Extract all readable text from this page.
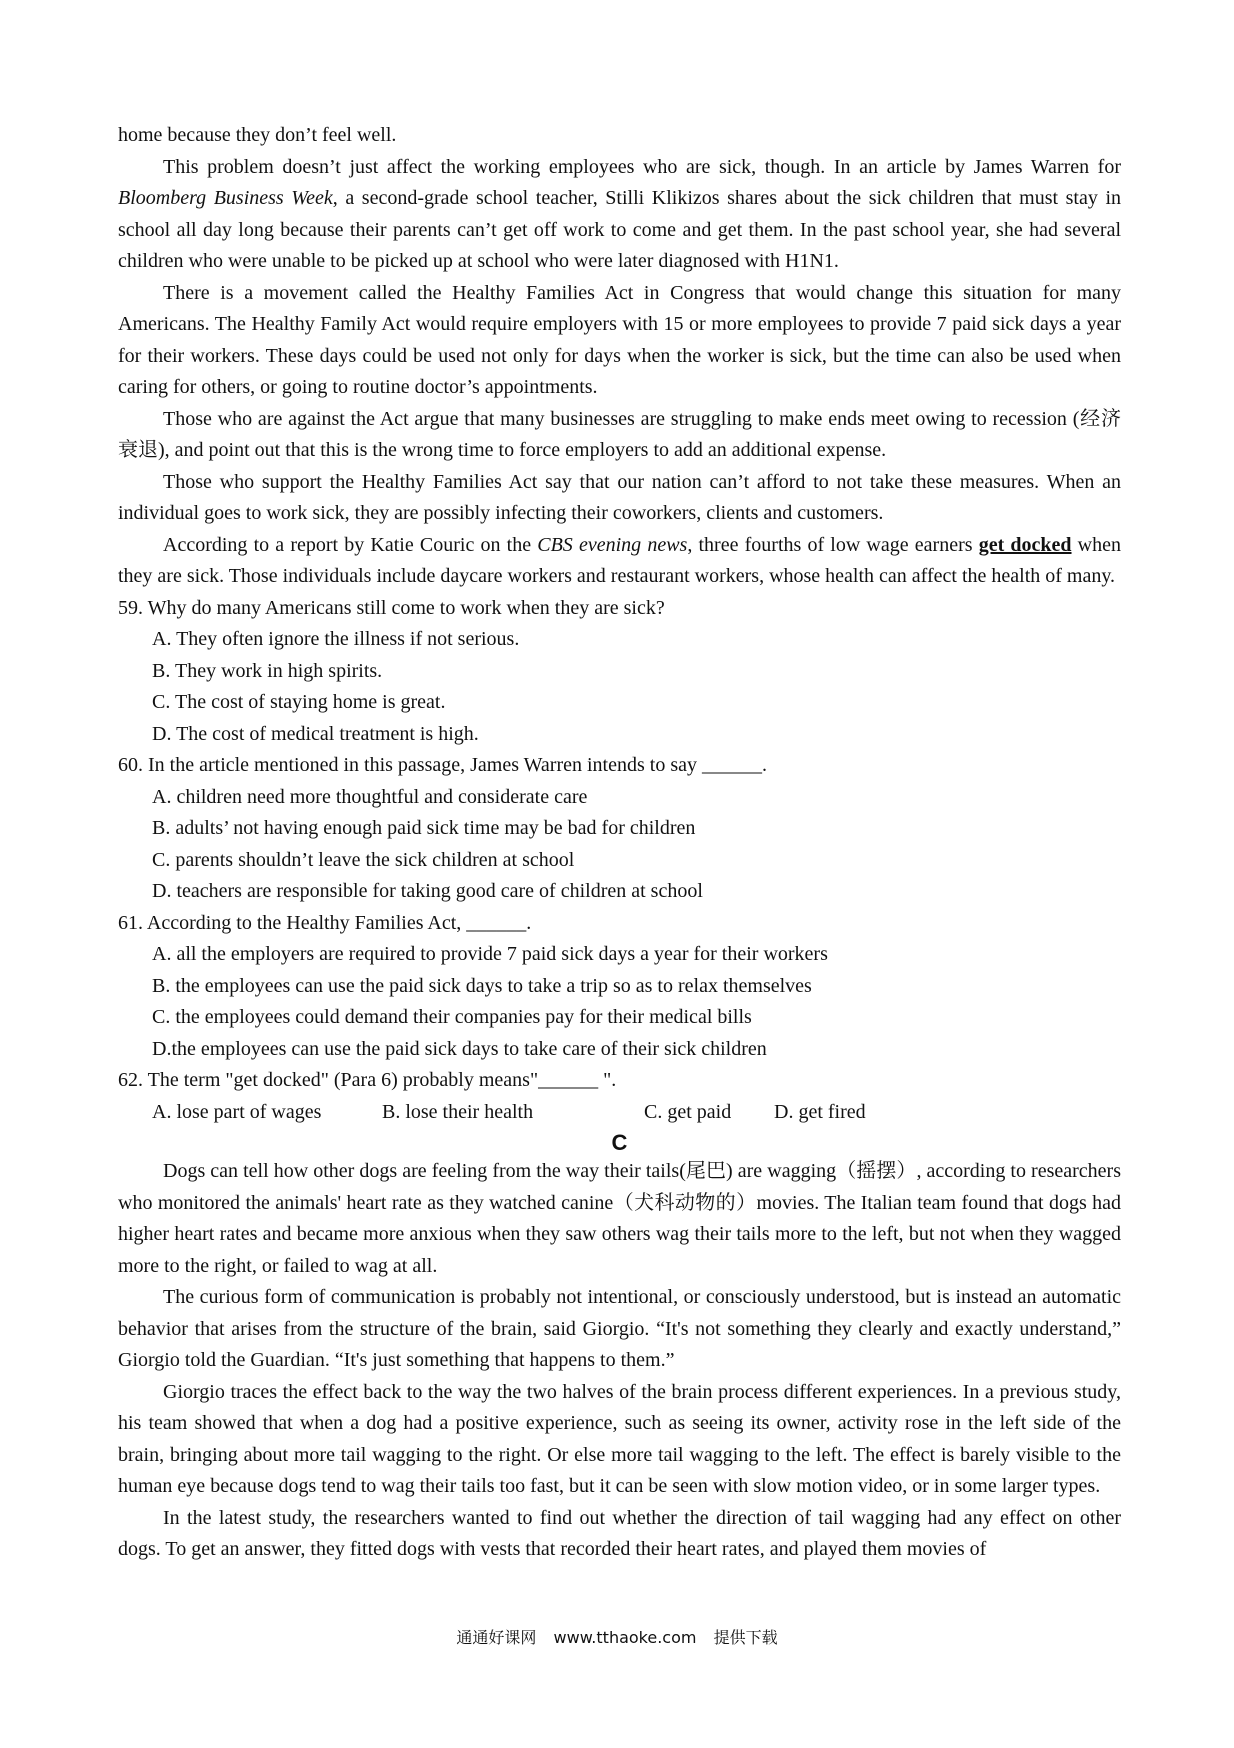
home because they don’t feel well.

This problem doesn’t just affect the working employees who are sick, though. In an article by James Warren for Bloomberg Business Week, a second-grade school teacher, Stilli Klikizos shares about the sick children that must stay in school all day long because their parents can’t get off work to come and get them. In the past school year, she had several children who were unable to be picked up at school who were later diagnosed with H1N1.

There is a movement called the Healthy Families Act in Congress that would change this situation for many Americans. The Healthy Family Act would require employers with 15 or more employees to provide 7 paid sick days a year for their workers. These days could be used not only for days when the worker is sick, but the time can also be used when caring for others, or going to routine doctor’s appointments.

Those who are against the Act argue that many businesses are struggling to make ends meet owing to recession (经济衰退), and point out that this is the wrong time to force employers to add an additional expense.

Those who support the Healthy Families Act say that our nation can’t afford to not take these measures. When an individual goes to work sick, they are possibly infecting their coworkers, clients and customers.

According to a report by Katie Couric on the CBS evening news, three fourths of low wage earners get docked when they are sick. Those individuals include daycare workers and restaurant workers, whose health can affect the health of many.

59. Why do many Americans still come to work when they are sick?
A. They often ignore the illness if not serious.
B. They work in high spirits.
C. The cost of staying home is great.
D. The cost of medical treatment is high.
60. In the article mentioned in this passage, James Warren intends to say ______.
A. children need more thoughtful and considerate care
B. adults’ not having enough paid sick time may be bad for children
C. parents shouldn’t leave the sick children at school
D. teachers are responsible for taking good care of children at school
61. According to the Healthy Families Act, ______.
A. all the employers are required to provide 7 paid sick days a year for their workers
B. the employees can use the paid sick days to take a trip so as to relax themselves
C. the employees could demand their companies pay for their medical bills
D.the employees can use the paid sick days to take care of their sick children
62. The term "get docked" (Para 6) probably means"______ ".
A. lose part of wages	B. lose their health	C. get paid	D. get fired
C

Dogs can tell how other dogs are feeling from the way their tails(尾巴) are wagging（摇摆）, according to researchers who monitored the animals' heart rate as they watched canine（犬科动物的）movies. The Italian team found that dogs had higher heart rates and became more anxious when they saw others wag their tails more to the left, but not when they wagged more to the right, or failed to wag at all.

The curious form of communication is probably not intentional, or consciously understood, but is instead an automatic behavior that arises from the structure of the brain, said Giorgio. “It's not something they clearly and exactly understand,” Giorgio told the Guardian. “It's just something that happens to them.”

Giorgio traces the effect back to the way the two halves of the brain process different experiences. In a previous study, his team showed that when a dog had a positive experience, such as seeing its owner, activity rose in the left side of the brain, bringing about more tail wagging to the right. Or else more tail wagging to the left. The effect is barely visible to the human eye because dogs tend to wag their tails too fast, but it can be seen with slow motion video, or in some larger types.

In the latest study, the researchers wanted to find out whether the direction of tail wagging had any effect on other dogs. To get an answer, they fitted dogs with vests that recorded their heart rates, and played them movies of

通通好课网 www.tthaoke.com 提供下载
